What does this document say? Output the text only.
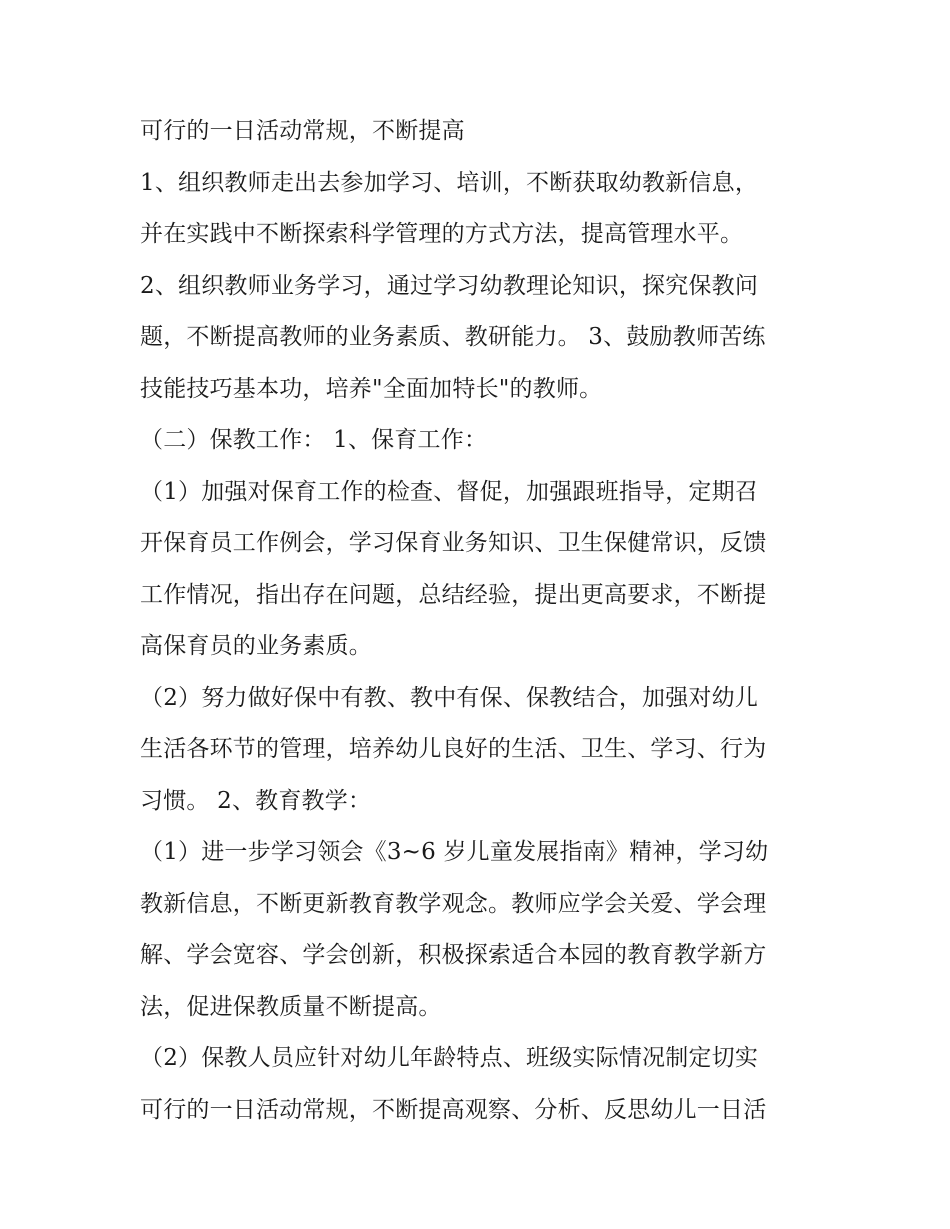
可行的一日活动常规，不断提高
1、组织教师走出去参加学习、培训，不断获取幼教新信息，
并在实践中不断探索科学管理的方式方法，提高管理水平。
2、组织教师业务学习，通过学习幼教理论知识，探究保教问
题，不断提高教师的业务素质、教研能力。 3、鼓励教师苦练
技能技巧基本功，培养"全面加特长"的教师。
（二）保教工作： 1、保育工作：
（1）加强对保育工作的检查、督促，加强跟班指导，定期召
开保育员工作例会，学习保育业务知识、卫生保健常识，反馈
工作情况，指出存在问题，总结经验，提出更高要求，不断提
高保育员的业务素质。
（2）努力做好保中有教、教中有保、保教结合，加强对幼儿
生活各环节的管理，培养幼儿良好的生活、卫生、学习、行为
习惯。 2、教育教学：
（1）进一步学习领会《3~6 岁儿童发展指南》精神，学习幼
教新信息，不断更新教育教学观念。教师应学会关爱、学会理
解、学会宽容、学会创新，积极探索适合本园的教育教学新方
法，促进保教质量不断提高。
（2）保教人员应针对幼儿年龄特点、班级实际情况制定切实
可行的一日活动常规，不断提高观察、分析、反思幼儿一日活
